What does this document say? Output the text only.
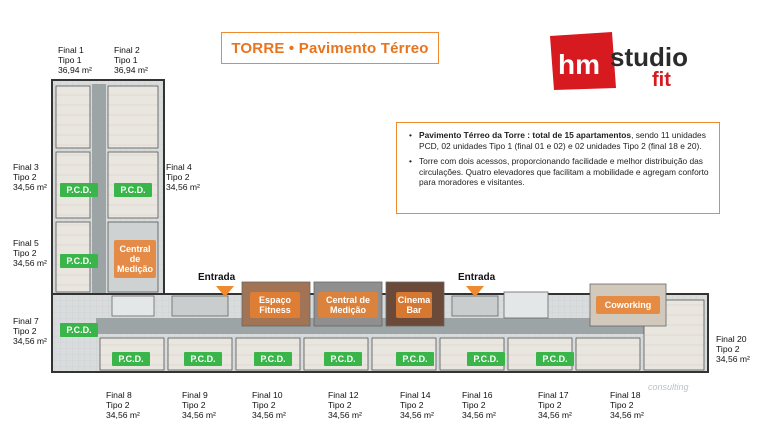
TORRE • Pavimento Térreo
hm studio
fit

• Pavimento Térreo da Torre : total de 15 apartamentos, sendo 11 unidades PCD, 02 unidades Tipo 1 (final 01 e 02) e 02 unidades Tipo 2 (final 18 e 20).

• Torre com dois acessos, proporcionando facilidade e melhor distribuição das circulações. Quatro elevadores que facilitam a mobilidade e agregam conforto para moradores e visitantes.

P.C.D.	P.C.D.
P.C.D.
P.C.D.
P.C.D.	P.C.D.	P.C.D.	P.C.D.	P.C.D.	P.C.D.	P.C.D.
Central de Medição
Espaço Fitness
Central de Medição
Cinema Bar	Coworking
Entrada	Entrada
Final 1
Tipo 1
36,94 m²
Final 2
Tipo 1
36,94 m²
Final 3
Tipo 2
34,56 m²
Final 4
Tipo 2
34,56 m²
Final 5
Tipo 2
34,56 m²
Final 7
Tipo 2
34,56 m²
Final 8
Tipo 2
34,56 m²
Final 9
Tipo 2
34,56 m²
Final 10
Tipo 2
34,56 m²
Final 12
Tipo 2
34,56 m²
Final 14
Tipo 2
34,56 m²
Final 16
Tipo 2
34,56 m²
Final 17
Tipo 2
34,56 m²
Final 18
Tipo 2
34,56 m²
Final 20
Tipo 2
34,56 m²
consulting
